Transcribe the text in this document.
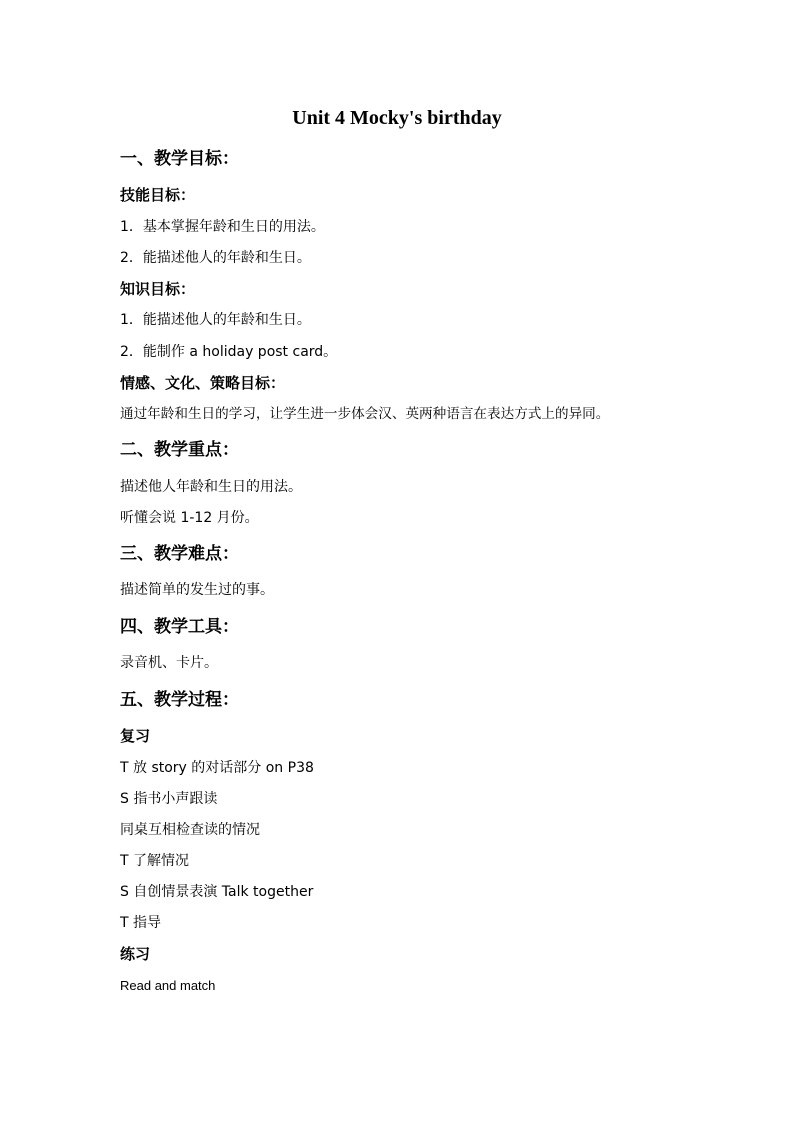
Unit 4 Mocky's birthday
一、教学目标：
技能目标：
1．基本掌握年龄和生日的用法。
2．能描述他人的年龄和生日。
知识目标：
1．能描述他人的年龄和生日。
2．能制作 a holiday post card。
情感、文化、策略目标：
通过年龄和生日的学习，让学生进一步体会汉、英两种语言在表达方式上的异同。
二、教学重点：
描述他人年龄和生日的用法。
听懂会说 1-12 月份。
三、教学难点：
描述简单的发生过的事。
四、教学工具：
录音机、卡片。
五、教学过程：
复习
T 放 story 的对话部分 on P38
S 指书小声跟读
同桌互相检查读的情况
T 了解情况
S 自创情景表演 Talk together
T 指导
练习
Read and match
